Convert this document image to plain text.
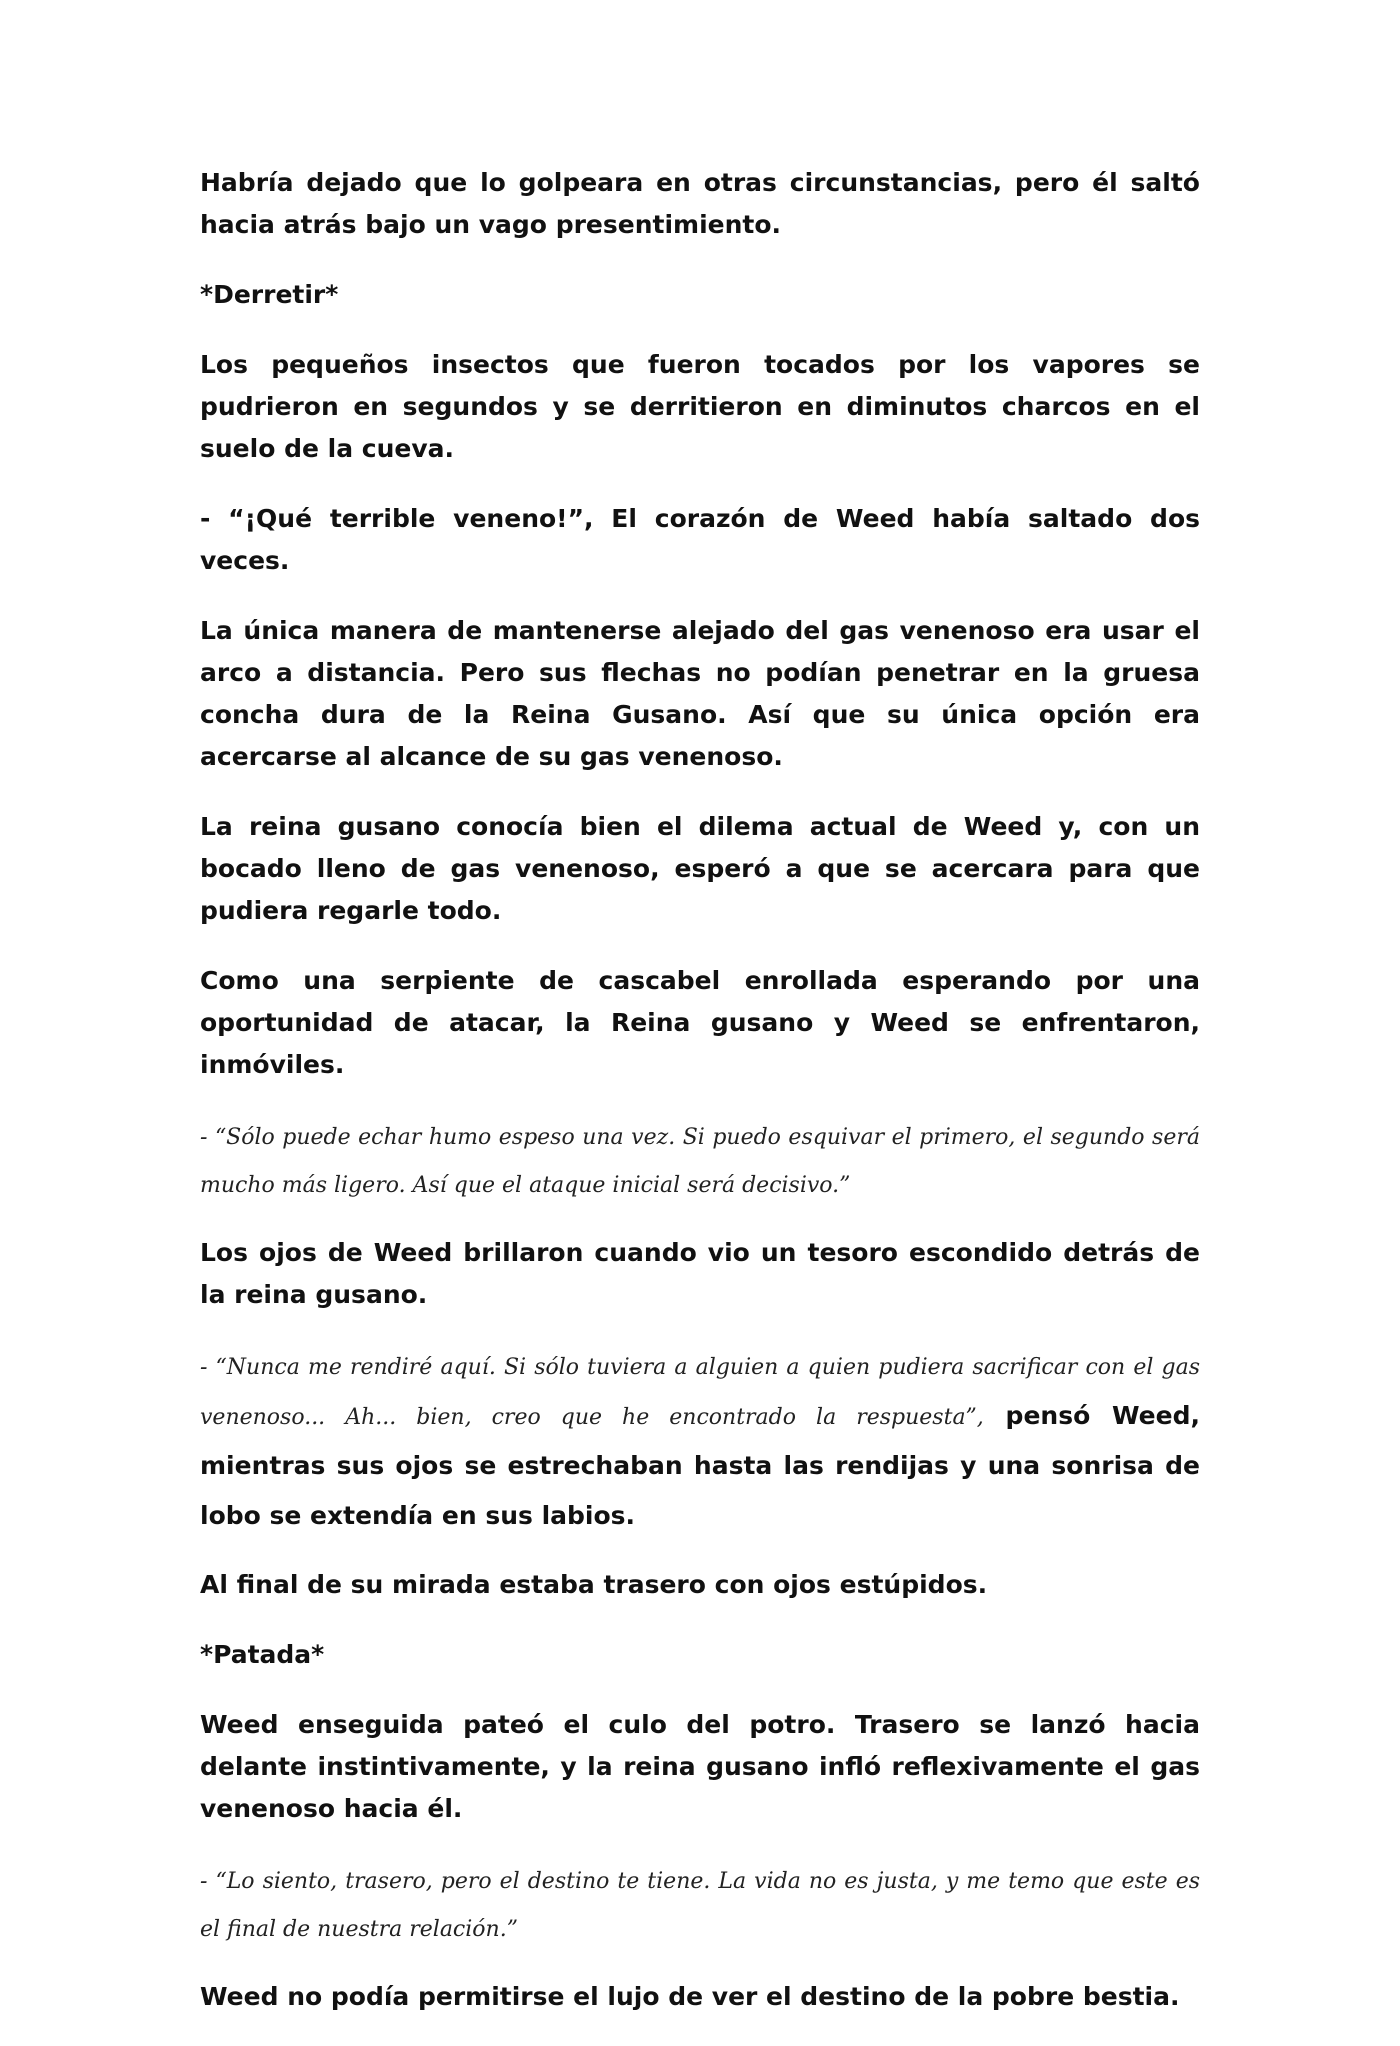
Habría dejado que lo golpeara en otras circunstancias, pero él saltó hacia atrás bajo un vago presentimiento.

*Derretir*

Los pequeños insectos que fueron tocados por los vapores se pudrieron en segundos y se derritieron en diminutos charcos en el suelo de la cueva.

- “¡Qué terrible veneno!”, El corazón de Weed había saltado dos veces.

La única manera de mantenerse alejado del gas venenoso era usar el arco a distancia. Pero sus flechas no podían penetrar en la gruesa concha dura de la Reina Gusano. Así que su única opción era acercarse al alcance de su gas venenoso.

La reina gusano conocía bien el dilema actual de Weed y, con un bocado lleno de gas venenoso, esperó a que se acercara para que pudiera regarle todo.

Como una serpiente de cascabel enrollada esperando por una oportunidad de atacar, la Reina gusano y Weed se enfrentaron, inmóviles.

- “Sólo puede echar humo espeso una vez. Si puedo esquivar el primero, el segundo será mucho más ligero. Así que el ataque inicial será decisivo.”

Los ojos de Weed brillaron cuando vio un tesoro escondido detrás de la reina gusano.

- “Nunca me rendiré aquí. Si sólo tuviera a alguien a quien pudiera sacrificar con el gas venenoso... Ah... bien, creo que he encontrado la respuesta”, pensó Weed, mientras sus ojos se estrechaban hasta las rendijas y una sonrisa de lobo se extendía en sus labios.

Al final de su mirada estaba trasero con ojos estúpidos.

*Patada*

Weed enseguida pateó el culo del potro. Trasero se lanzó hacia delante instintivamente, y la reina gusano infló reflexivamente el gas venenoso hacia él.

- “Lo siento, trasero, pero el destino te tiene. La vida no es justa, y me temo que este es el final de nuestra relación.”

Weed no podía permitirse el lujo de ver el destino de la pobre bestia.
